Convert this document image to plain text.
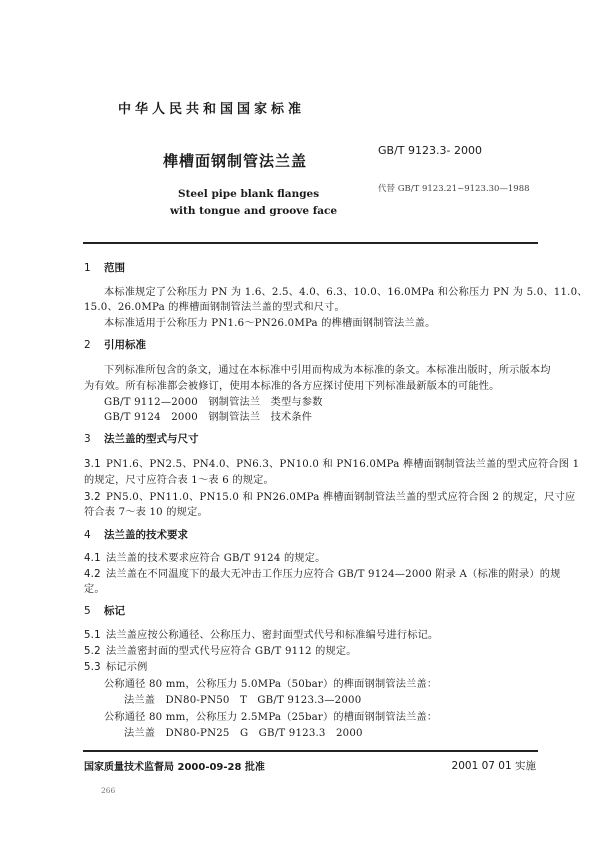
中华人民共和国国家标准
榫槽面钢制管法兰盖
Steel pipe blank flanges
with tongue and groove face
GB/T 9123.3- 2000
代替 GB/T 9123.21~9123.30—1988
1 范围
本标准规定了公称压力 PN 为 1.6、2.5、4.0、6.3、10.0、16.0MPa 和公称压力 PN 为 5.0、11.0、
15.0、26.0MPa 的榫槽面钢制管法兰盖的型式和尺寸。
本标准适用于公称压力 PN1.6～PN26.0MPa 的榫槽面钢制管法兰盖。
2 引用标准
下列标准所包含的条文，通过在本标准中引用而构成为本标准的条文。本标准出版时，所示版本均
为有效。所有标准都会被修订，使用本标准的各方应探讨使用下列标准最新版本的可能性。
GB/T 9112—2000　钢制管法兰　类型与参数
GB/T 9124　2000　钢制管法兰　技术条件
3 法兰盖的型式与尺寸
3.1 PN1.6、PN2.5、PN4.0、PN6.3、PN10.0 和 PN16.0MPa 榫槽面钢制管法兰盖的型式应符合图 1
的规定，尺寸应符合表 1～表 6 的规定。
3.2 PN5.0、PN11.0、PN15.0 和 PN26.0MPa 榫槽面钢制管法兰盖的型式应符合图 2 的规定，尺寸应
符合表 7～表 10 的规定。
4 法兰盖的技术要求
4.1 法兰盖的技术要求应符合 GB/T 9124 的规定。
4.2 法兰盖在不同温度下的最大无冲击工作压力应符合 GB/T 9124—2000 附录 A（标准的附录）的规
定。
5 标记
5.1 法兰盖应按公称通径、公称压力、密封面型式代号和标准编号进行标记。
5.2 法兰盖密封面的型式代号应符合 GB/T 9112 的规定。
5.3 标记示例
公称通径 80 mm，公称压力 5.0MPa（50bar）的榫面钢制管法兰盖：
法兰盖　DN80-PN50　T　GB/T 9123.3—2000
公称通径 80 mm，公称压力 2.5MPa（25bar）的槽面钢制管法兰盖：
法兰盖　DN80-PN25　G　GB/T 9123.3　2000
国家质量技术监督局 2000-09-28 批准	2001 07 01 实施
266
